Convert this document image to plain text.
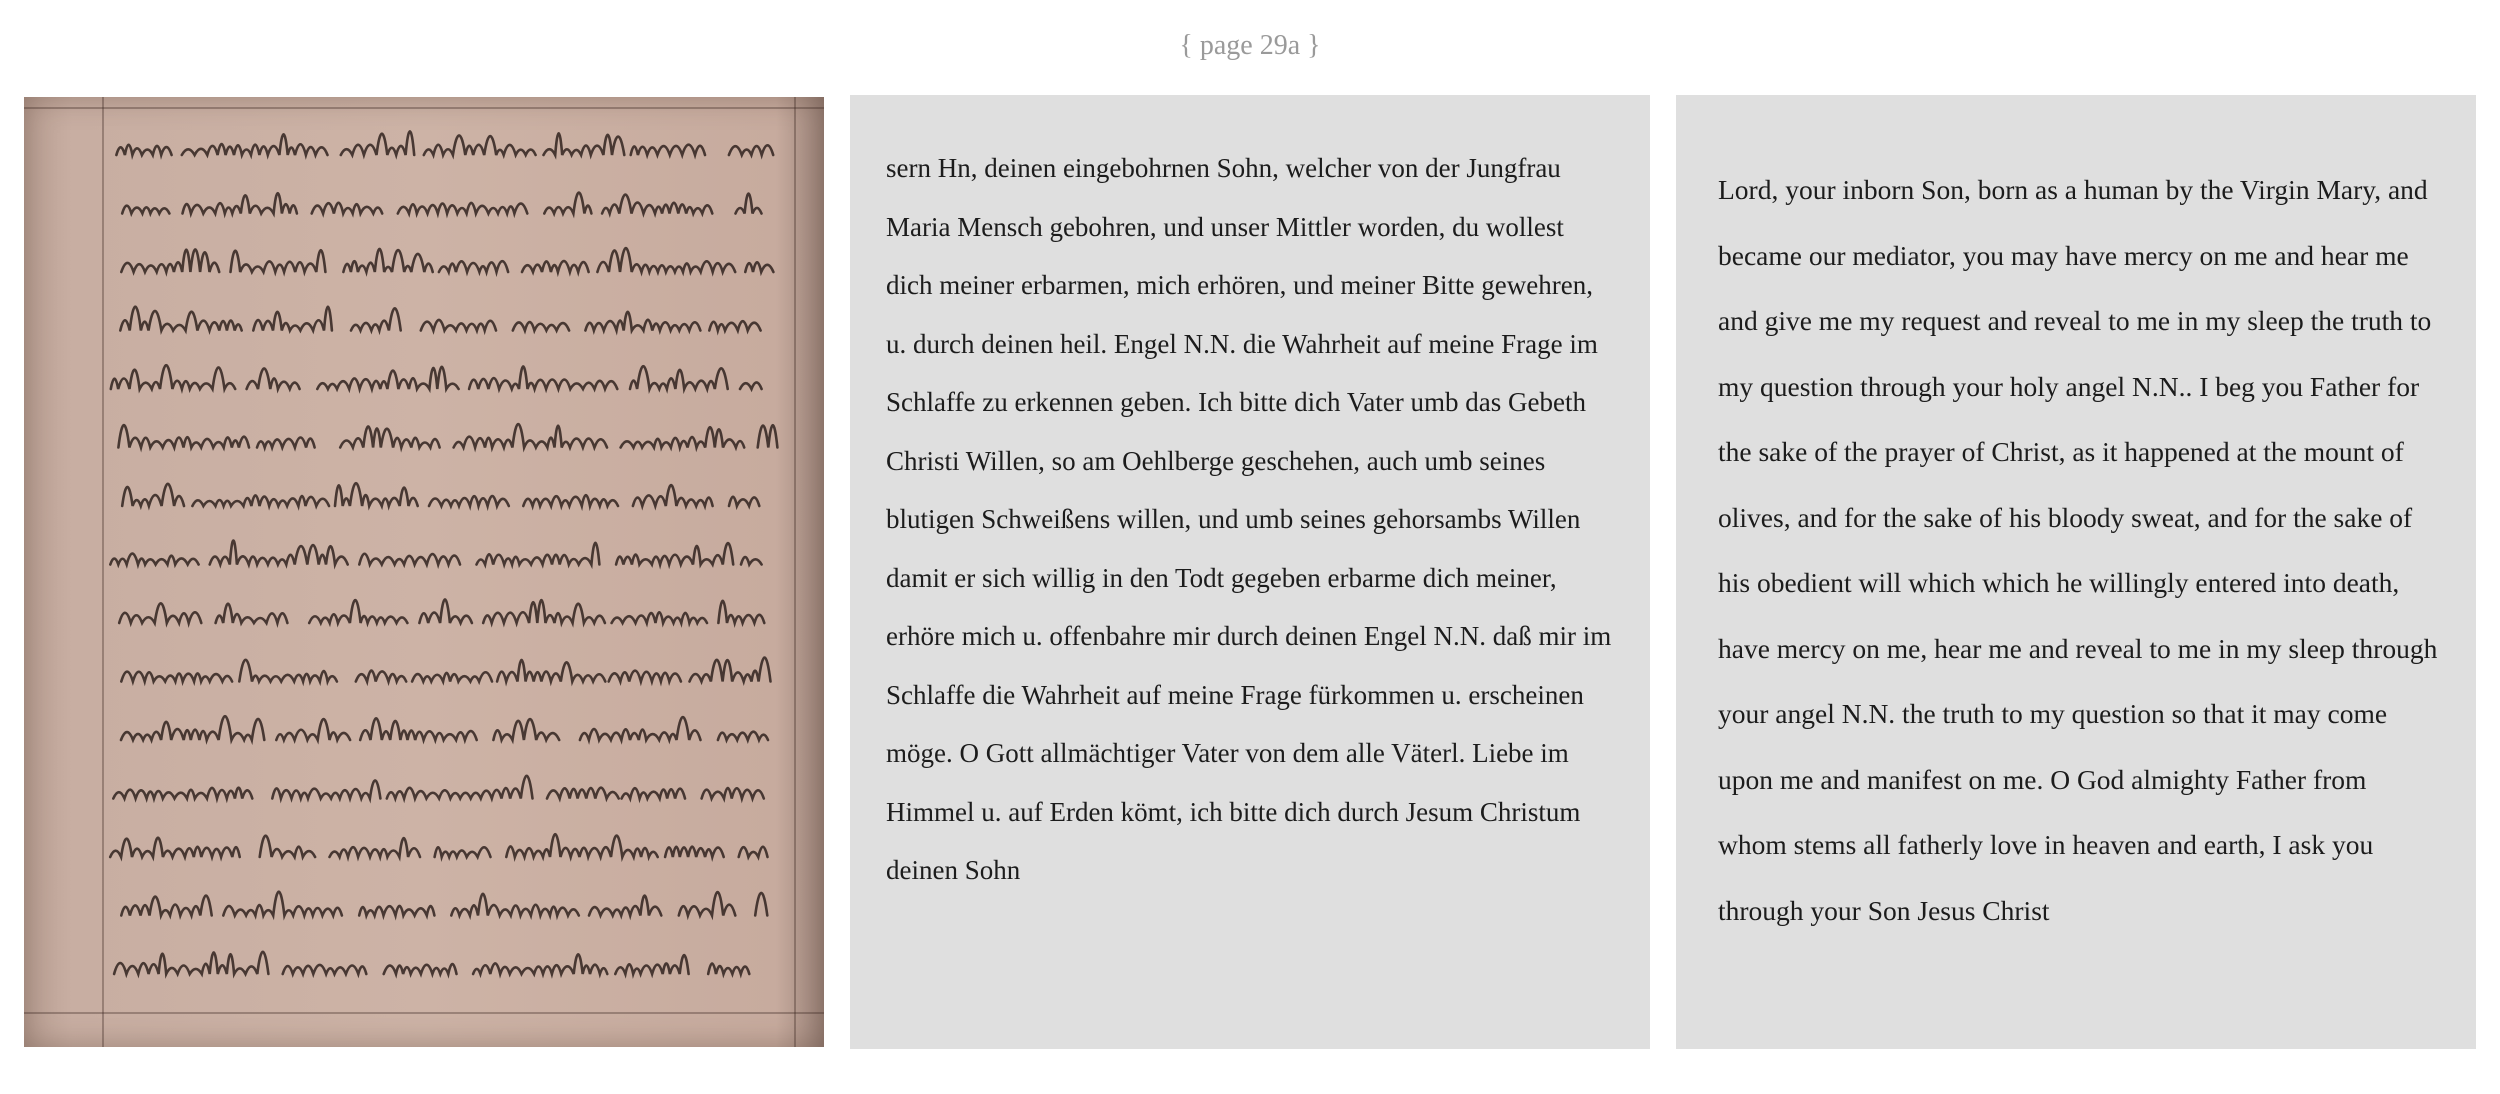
{ page 29a }

sern Hn, deinen eingebohrnen Sohn, welcher von der Jungfrau Maria Mensch gebohren, und unser Mittler worden, du wollest dich meiner erbarmen, mich erhören, und meiner Bitte gewehren, u. durch deinen heil. Engel N.N. die Wahrheit auf meine Frage im Schlaffe zu erkennen geben. Ich bitte dich Vater umb das Gebeth Christi Willen, so am Oehlberge geschehen, auch umb seines blutigen Schweißens willen, und umb seines gehorsambs Willen damit er sich willig in den Todt gegeben erbarme dich meiner, erhöre mich u. offenbahre mir durch deinen Engel N.N. daß mir im Schlaffe die Wahrheit auf meine Frage fürkommen u. erscheinen möge. O Gott allmächtiger Vater von dem alle Väterl. Liebe im Himmel u. auf Erden kömt, ich bitte dich durch Jesum Christum deinen Sohn

Lord, your inborn Son, born as a human by the Virgin Mary, and became our mediator, you may have mercy on me and hear me and give me my request and reveal to me in my sleep the truth to my question through your holy angel N.N.. I beg you Father for the sake of the prayer of Christ, as it happened at the mount of olives, and for the sake of his bloody sweat, and for the sake of his obedient will which which he willingly entered into death, have mercy on me, hear me and reveal to me in my sleep through your angel N.N. the truth to my question so that it may come upon me and manifest on me. O God almighty Father from whom stems all fatherly love in heaven and earth, I ask you through your Son Jesus Christ
